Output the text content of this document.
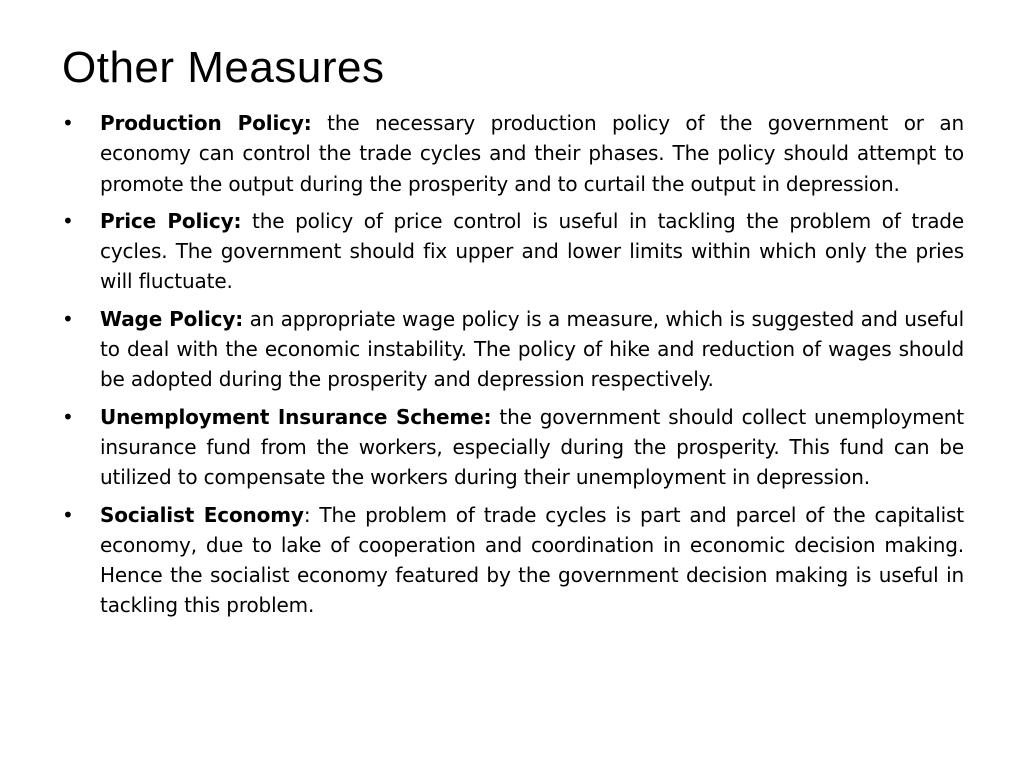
Other Measures
•	Production Policy: the necessary production policy of the government or an economy can control the trade cycles and their phases. The policy should attempt to promote the output during the prosperity and to curtail the output in depression.
•	Price Policy: the policy of price control is useful in tackling the problem of trade cycles. The government should fix upper and lower limits within which only the pries will fluctuate.
•	Wage Policy: an appropriate wage policy is a measure, which is suggested and useful to deal with the economic instability. The policy of hike and reduction of wages should be adopted during the prosperity and depression respectively.
•	Unemployment Insurance Scheme: the government should collect unemployment insurance fund from the workers, especially during the prosperity. This fund can be utilized to compensate the workers during their unemployment in depression.
•	Socialist Economy: The problem of trade cycles is part and parcel of the capitalist economy, due to lake of cooperation and coordination in economic decision making. Hence the socialist economy featured by the government decision making is useful in tackling this problem.
